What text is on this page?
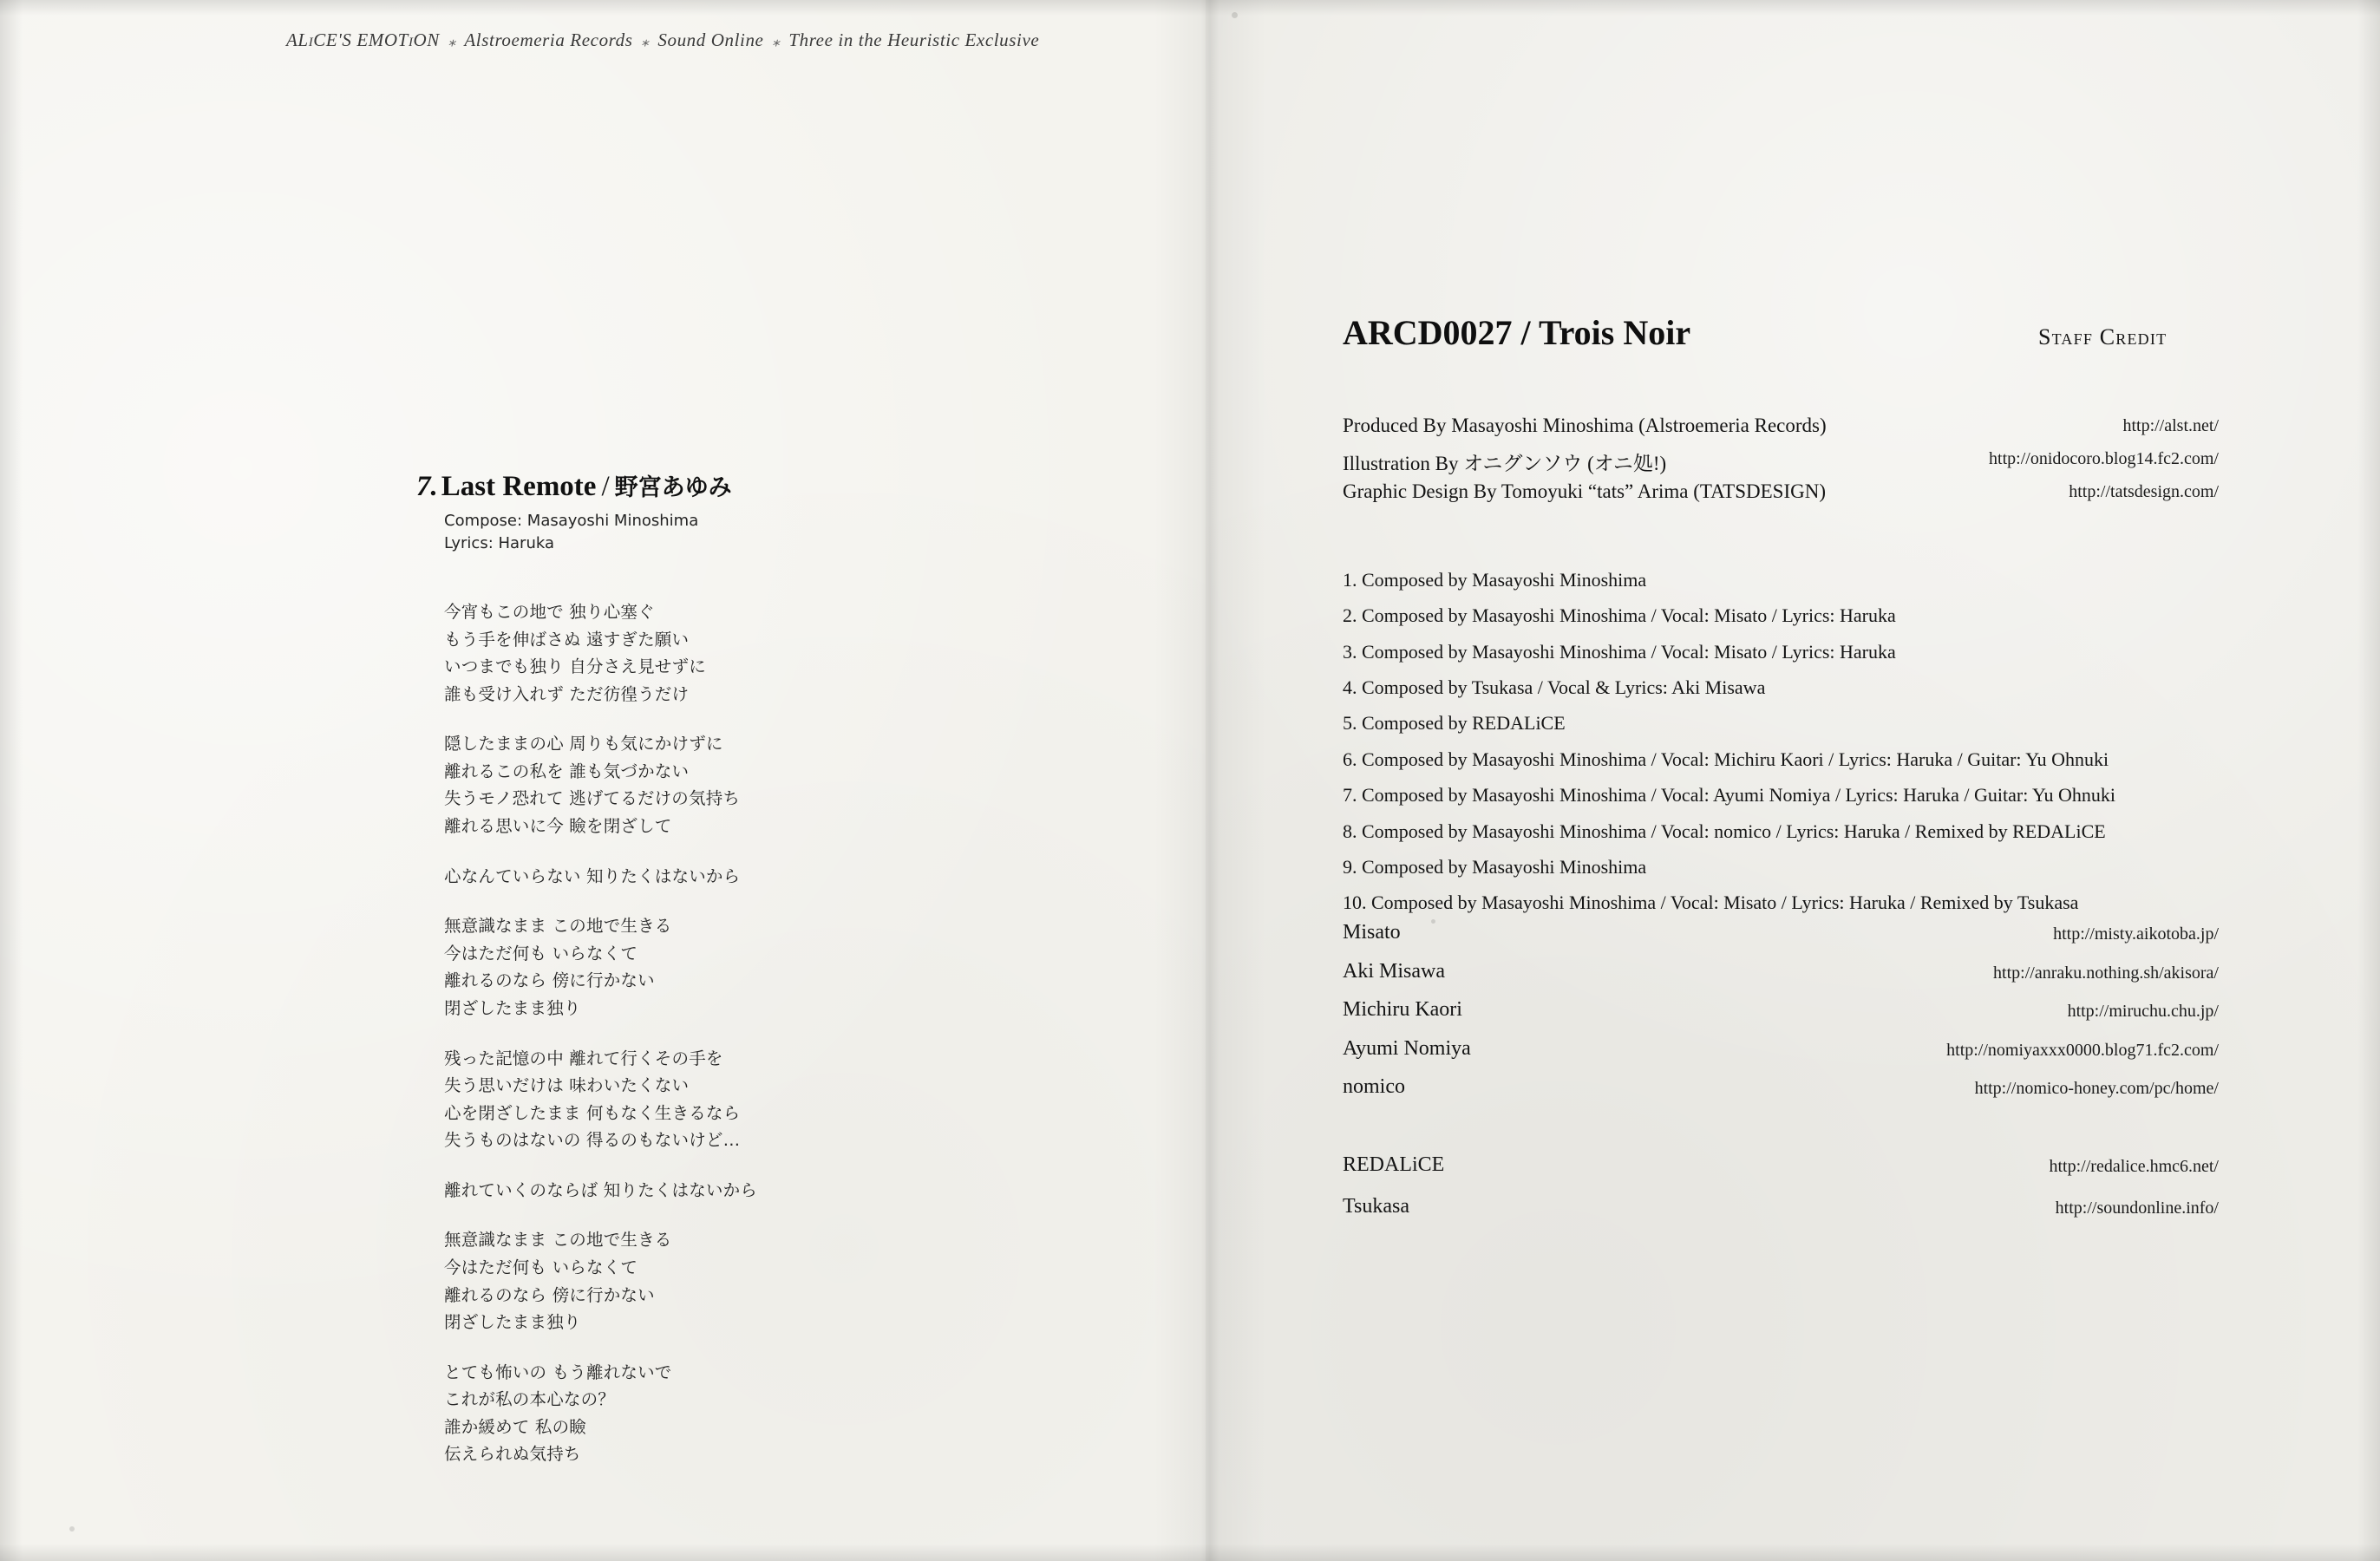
ALiCE'S EMOTiON ⁎ Alstroemeria Records ⁎ Sound Online ⁎ Three in the Heuristic Exclusive
7. Last Remote / 野宮あゆみ
Compose: Masayoshi Minoshima
Lyrics: Haruka
今宵もこの地で 独り心塞ぐ
もう手を伸ばさぬ 遠すぎた願い
いつまでも独り 自分さえ見せずに
誰も受け入れず ただ彷徨うだけ
隠したままの心 周りも気にかけずに
離れるこの私を 誰も気づかない
失うモノ恐れて 逃げてるだけの気持ち
離れる思いに今 瞼を閉ざして
心なんていらない 知りたくはないから
無意識なまま この地で生きる
今はただ何も いらなくて
離れるのなら 傍に行かない
閉ざしたまま独り
残った記憶の中 離れて行くその手を
失う思いだけは 味わいたくない
心を閉ざしたまま 何もなく生きるなら
失うものはないの 得るのもないけど…
離れていくのならば 知りたくはないから
無意識なまま この地で生きる
今はただ何も いらなくて
離れるのなら 傍に行かない
閉ざしたまま独り
とても怖いの もう離れないで
これが私の本心なの？
誰か緩めて 私の瞼
伝えられぬ気持ち
ARCD0027 / Trois Noir	Staff Credit
Produced By Masayoshi Minoshima (Alstroemeria Records)	http://alst.net/
Illustration By オニグンソウ (オニ処!)	http://onidocoro.blog14.fc2.com/
Graphic Design By Tomoyuki “tats” Arima (TATSDESIGN)	http://tatsdesign.com/
1. Composed by Masayoshi Minoshima
2. Composed by Masayoshi Minoshima / Vocal: Misato / Lyrics: Haruka
3. Composed by Masayoshi Minoshima / Vocal: Misato / Lyrics: Haruka
4. Composed by Tsukasa / Vocal & Lyrics: Aki Misawa
5. Composed by REDALiCE
6. Composed by Masayoshi Minoshima / Vocal: Michiru Kaori / Lyrics: Haruka / Guitar: Yu Ohnuki
7. Composed by Masayoshi Minoshima / Vocal: Ayumi Nomiya / Lyrics: Haruka / Guitar: Yu Ohnuki
8. Composed by Masayoshi Minoshima / Vocal: nomico / Lyrics: Haruka / Remixed by REDALiCE
9. Composed by Masayoshi Minoshima
10. Composed by Masayoshi Minoshima / Vocal: Misato / Lyrics: Haruka / Remixed by Tsukasa
Misato	http://misty.aikotoba.jp/
Aki Misawa	http://anraku.nothing.sh/akisora/
Michiru Kaori	http://miruchu.chu.jp/
Ayumi Nomiya	http://nomiyaxxx0000.blog71.fc2.com/
nomico	http://nomico-honey.com/pc/home/
REDALiCE	http://redalice.hmc6.net/
Tsukasa	http://soundonline.info/
